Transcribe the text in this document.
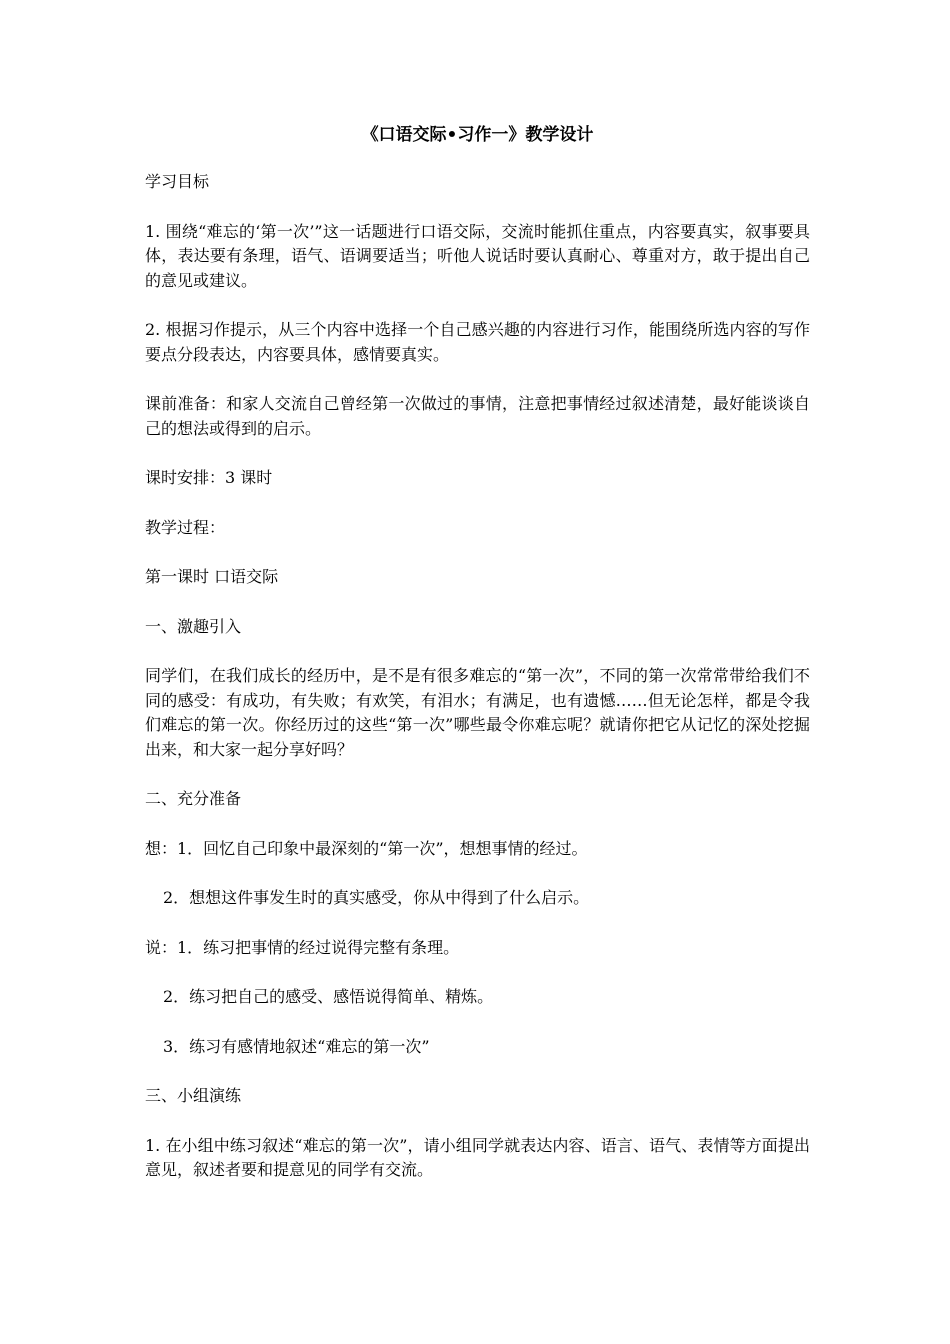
《口语交际•习作一》教学设计
学习目标
1. 围绕“难忘的‘第一次’”这一话题进行口语交际，交流时能抓住重点，内容要真实，叙事要具体，表达要有条理，语气、语调要适当；听他人说话时要认真耐心、尊重对方，敢于提出自己的意见或建议。
2. 根据习作提示，从三个内容中选择一个自己感兴趣的内容进行习作，能围绕所选内容的写作要点分段表达，内容要具体，感情要真实。
课前准备：和家人交流自己曾经第一次做过的事情，注意把事情经过叙述清楚，最好能谈谈自己的想法或得到的启示。
课时安排：3 课时
教学过程：
第一课时 口语交际
一、激趣引入
同学们，在我们成长的经历中，是不是有很多难忘的“第一次”，不同的第一次常常带给我们不同的感受：有成功，有失败；有欢笑，有泪水；有满足，也有遗憾……但无论怎样，都是令我们难忘的第一次。你经历过的这些“第一次”哪些最令你难忘呢？就请你把它从记忆的深处挖掘出来，和大家一起分享好吗？
二、充分准备
想：1．回忆自己印象中最深刻的“第一次”，想想事情的经过。
2．想想这件事发生时的真实感受，你从中得到了什么启示。
说：1．练习把事情的经过说得完整有条理。
2．练习把自己的感受、感悟说得简单、精炼。
3．练习有感情地叙述“难忘的第一次”
三、小组演练
1. 在小组中练习叙述“难忘的第一次”，请小组同学就表达内容、语言、语气、表情等方面提出意见，叙述者要和提意见的同学有交流。
